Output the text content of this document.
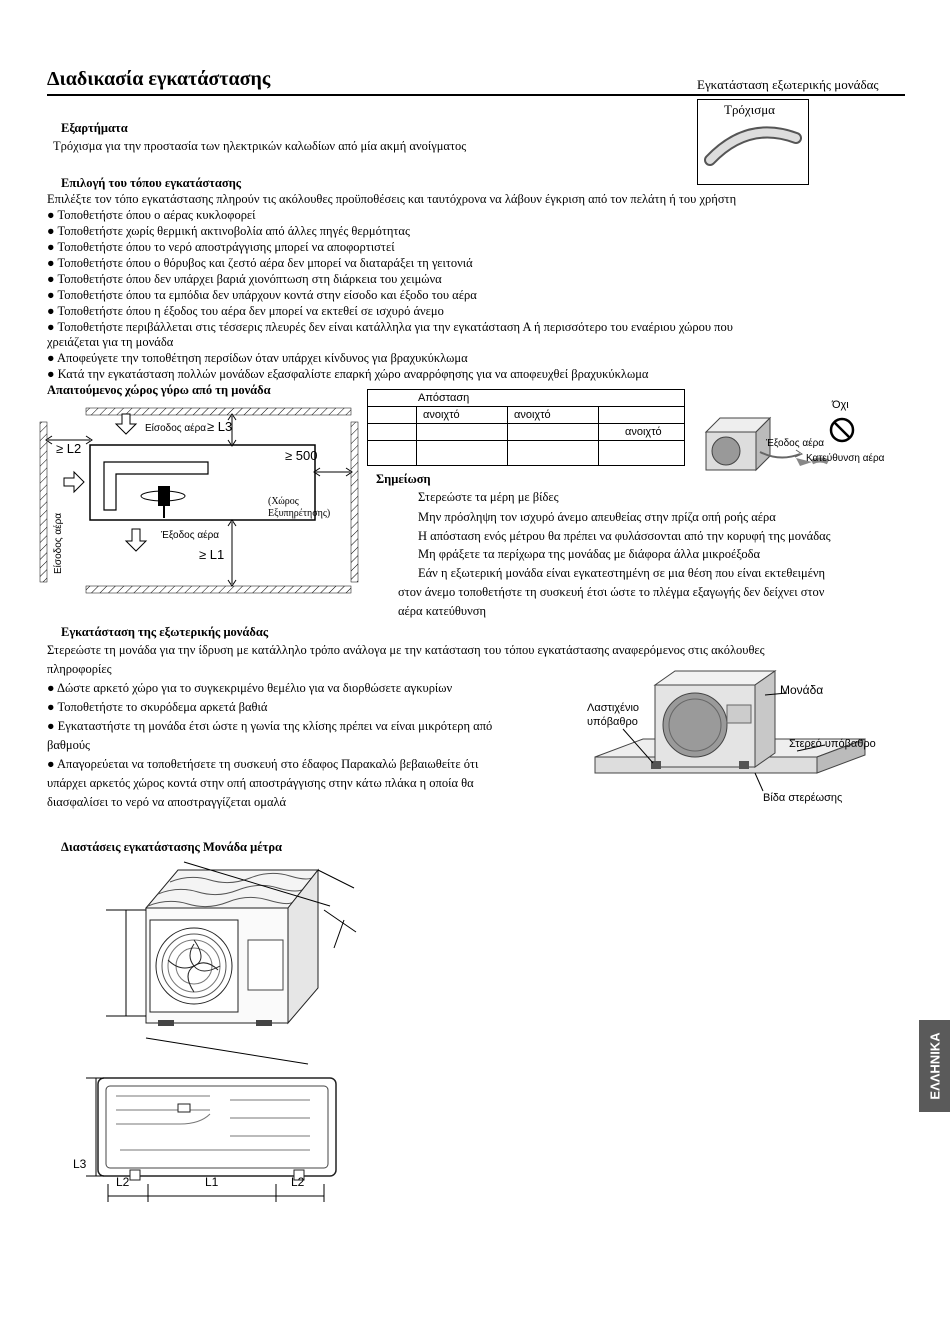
Διαδικασία εγκατάστασης	Εγκατάσταση εξωτερικής μονάδας
Εξαρτήματα
Τρόχισμα για την προστασία των ηλεκτρικών καλωδίων από μία ακμή ανοίγματος
Τρόχισμα
Επιλογή του τόπου εγκατάστασης
Επιλέξτε τον τόπο εγκατάστασης πληρούν τις ακόλουθες προϋποθέσεις και ταυτόχρονα να λάβουν έγκριση από τον πελάτη ή του χρήστη
● Τοποθετήστε όπου ο αέρας κυκλοφορεί
● Τοποθετήστε χωρίς θερμική ακτινοβολία από άλλες πηγές θερμότητας
● Τοποθετήστε όπου το νερό αποστράγγισης μπορεί να αποφορτιστεί
● Τοποθετήστε όπου ο θόρυβος και ζεστό αέρα δεν μπορεί να διαταράξει τη γειτονιά
● Τοποθετήστε όπου δεν υπάρχει βαριά χιονόπτωση στη διάρκεια του χειμώνα
● Τοποθετήστε όπου τα εμπόδια δεν υπάρχουν κοντά στην είσοδο και έξοδο του αέρα
● Τοποθετήστε όπου η έξοδος του αέρα δεν μπορεί να εκτεθεί σε ισχυρό άνεμο
● Τοποθετήστε περιβάλλεται στις τέσσερις πλευρές δεν είναι κατάλληλα για την εγκατάσταση Α ή περισσότερο του εναέριου χώρου που
χρειάζεται για τη μονάδα
● Αποφεύγετε την τοποθέτηση περσίδων όταν υπάρχει κίνδυνος για βραχυκύκλωμα
● Κατά την εγκατάσταση πολλών μονάδων εξασφαλίστε επαρκή χώρο αναρρόφησης για να αποφευχθεί βραχυκύκλωμα
Απαιτούμενος χώρος γύρω από τη μονάδα
Είσοδος αέρα ≥ L3
≥ L2	≥ 500
(Χώρος
Εξυπηρέτησης)
Έξοδος αέρα
≥ L1
Είσοδος αέρα
Απόσταση			
	ανοιχτό	ανοιχτό	
			ανοιχτό

Όχι
Έξοδος αέρα
Κατεύθυνση αέρα
Σημείωση
Στερεώστε τα μέρη με βίδες
Μην πρόσληψη τον ισχυρό άνεμο απευθείας στην πρίζα οπή ροής αέρα
Η απόσταση ενός μέτρου θα πρέπει να φυλάσσονται από την κορυφή της μονάδας
Μη φράξετε τα περίχωρα της μονάδας με διάφορα άλλα μικροέξοδα
Εάν η εξωτερική μονάδα είναι εγκατεστημένη σε μια θέση που είναι εκτεθειμένη
στον άνεμο τοποθετήστε τη συσκευή έτσι ώστε το πλέγμα εξαγωγής δεν δείχνει στον
αέρα κατεύθυνση
Εγκατάσταση της εξωτερικής μονάδας
Στερεώστε τη μονάδα για την ίδρυση με κατάλληλο τρόπο ανάλογα με την κατάσταση του τόπου εγκατάστασης αναφερόμενος στις ακόλουθες
πληροφορίες
● Δώστε αρκετό χώρο για το συγκεκριμένο θεμέλιο για να διορθώσετε αγκυρίων
● Τοποθετήστε το σκυρόδεμα αρκετά βαθιά
● Εγκαταστήστε τη μονάδα έτσι ώστε η γωνία της κλίσης πρέπει να είναι μικρότερη από
βαθμούς
● Απαγορεύεται να τοποθετήσετε τη συσκευή στο έδαφος Παρακαλώ βεβαιωθείτε ότι
υπάρχει αρκετός χώρος κοντά στην οπή αποστράγγισης στην κάτω πλάκα η οποία θα
διασφαλίσει το νερό να αποστραγγίζεται ομαλά
Μονάδα
Λαστιχένιο
υπόβαθρο
Στερεό υπόβαθρο
Βίδα στερέωσης
Διαστάσεις εγκατάστασης Μονάδα μέτρα
L3
L2	L1	L2
ΕΛΛΗΝΙΚΑ
